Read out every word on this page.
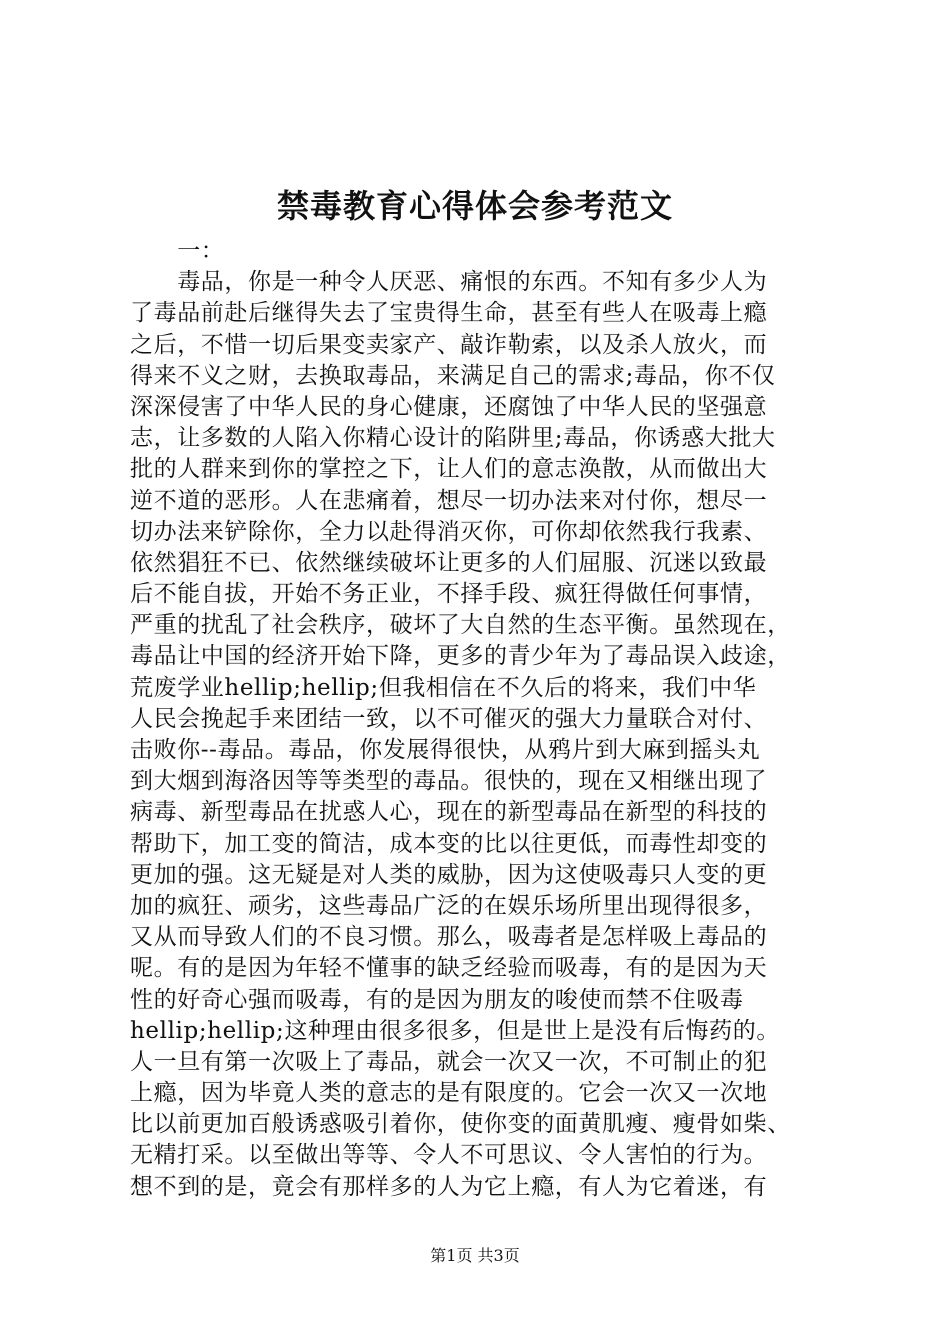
禁毒教育心得体会参考范文
　　一：
　　毒品，你是一种令人厌恶、痛恨的东西。不知有多少人为
了毒品前赴后继得失去了宝贵得生命，甚至有些人在吸毒上瘾
之后，不惜一切后果变卖家产、敲诈勒索，以及杀人放火，而
得来不义之财，去换取毒品，来满足自己的需求;毒品，你不仅
深深侵害了中华人民的身心健康，还腐蚀了中华人民的坚强意
志，让多数的人陷入你精心设计的陷阱里;毒品，你诱惑大批大
批的人群来到你的掌控之下，让人们的意志涣散，从而做出大
逆不道的恶形。人在悲痛着，想尽一切办法来对付你，想尽一
切办法来铲除你，全力以赴得消灭你，可你却依然我行我素、
依然猖狂不已、依然继续破坏让更多的人们屈服、沉迷以致最
后不能自拔，开始不务正业，不择手段、疯狂得做任何事情，
严重的扰乱了社会秩序，破坏了大自然的生态平衡。虽然现在，
毒品让中国的经济开始下降，更多的青少年为了毒品误入歧途，
荒废学业hellip;hellip;但我相信在不久后的将来，我们中华
人民会挽起手来团结一致，以不可催灭的强大力量联合对付、
击败你--毒品。毒品，你发展得很快，从鸦片到大麻到摇头丸
到大烟到海洛因等等类型的毒品。很快的，现在又相继出现了
病毒、新型毒品在扰惑人心，现在的新型毒品在新型的科技的
帮助下，加工变的简洁，成本变的比以往更低，而毒性却变的
更加的强。这无疑是对人类的威胁，因为这使吸毒只人变的更
加的疯狂、顽劣，这些毒品广泛的在娱乐场所里出现得很多，
又从而导致人们的不良习惯。那么，吸毒者是怎样吸上毒品的
呢。有的是因为年轻不懂事的缺乏经验而吸毒，有的是因为天
性的好奇心强而吸毒，有的是因为朋友的唆使而禁不住吸毒
hellip;hellip;这种理由很多很多，但是世上是没有后悔药的。
人一旦有第一次吸上了毒品，就会一次又一次，不可制止的犯
上瘾，因为毕竟人类的意志的是有限度的。它会一次又一次地
比以前更加百般诱惑吸引着你，使你变的面黄肌瘦、瘦骨如柴、
无精打采。以至做出等等、令人不可思议、令人害怕的行为。
想不到的是，竟会有那样多的人为它上瘾，有人为它着迷，有
第1页 共3页
